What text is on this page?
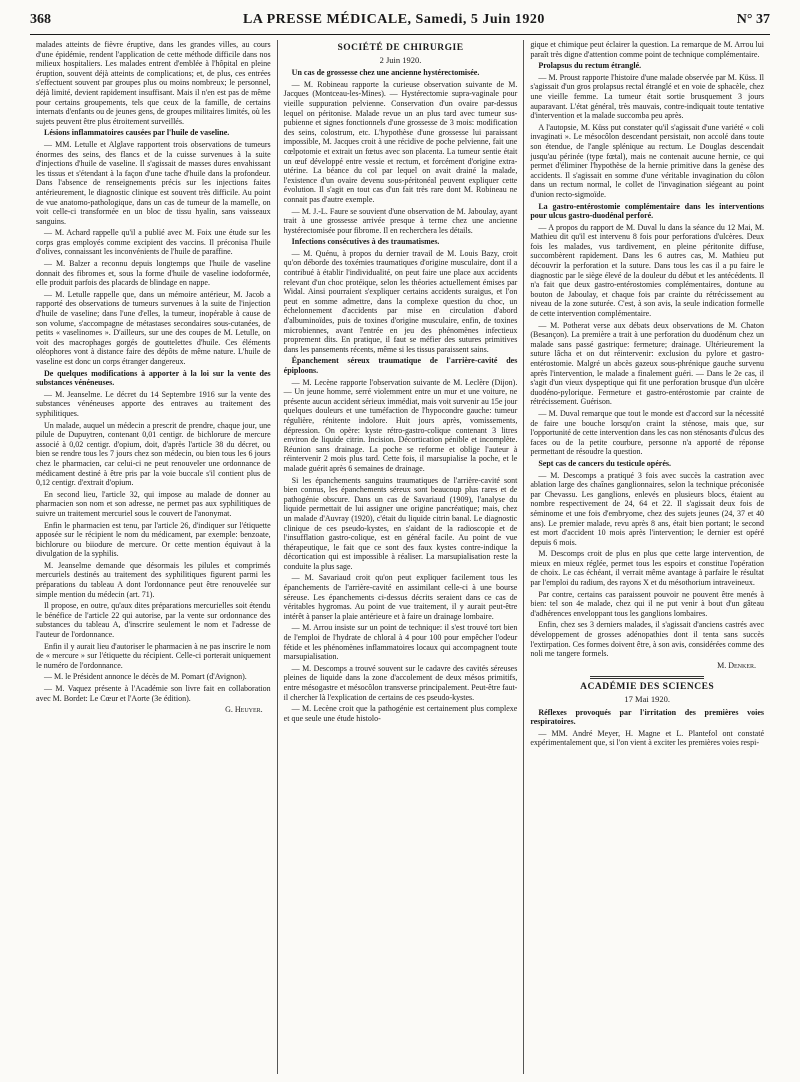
368	LA PRESSE MÉDICALE, Samedi, 5 Juin 1920	N° 37

malades atteints de fièvre éruptive, dans les grandes villes, au cours d'une épidémie, rendent l'application de cette méthode difficile dans nos milieux hospitaliers. Les malades entrent d'emblée à l'hôpital en pleine éruption, souvent déjà atteints de complications; et, de plus, ces entrées s'effectuent souvent par groupes plus ou moins nombreux; le personnel, déjà limité, devient rapidement insuffisant. Mais il n'en est pas de même pour certains groupements, tels que ceux de la famille, de certains internats d'enfants ou de jeunes gens, de groupes militaires limités, où les sujets peuvent être plus étroitement surveillés.

Lésions inflammatoires causées par l'huile de vaseline.

— MM. Letulle et Alglave rapportent trois observations de tumeurs énormes des seins, des flancs et de la cuisse survenues à la suite d'injections d'huile de vaseline. Il s'agissait de masses dures envahissant les tissus et s'étendant à la façon d'une tache d'huile dans la profondeur. Dans l'absence de renseignements précis sur les injections faites antérieurement, le diagnostic clinique est souvent très difficile. Au point de vue anatomo-pathologique, dans un cas de tumeur de la mamelle, on voit celle-ci transformée en un bloc de tissu hyalin, sans vaisseaux sanguins.

— M. Achard rappelle qu'il a publié avec M. Foix une étude sur les corps gras employés comme excipient des vaccins. Il préconisa l'huile d'olives, connaissant les inconvénients de l'huile de paraffine.

— M. Balzer a reconnu depuis longtemps que l'huile de vaseline donnait des fibromes et, sous la forme d'huile de vaseline iodoformée, elle produit parfois des placards de blindage en nappe.

— M. Letulle rappelle que, dans un mémoire antérieur, M. Jacob a rapporté des observations de tumeurs survenues à la suite de l'injection d'huile de vaseline; dans l'une d'elles, la tumeur, inopérable à cause de son volume, s'accompagne de métastases secondaires sous-cutanées, de petits « vaselinomes ». D'ailleurs, sur une des coupes de M. Letulle, on voit des macrophages gorgés de gouttelettes d'huile. Ces éléments oléophores vont à distance faire des dépôts de même nature. L'huile de vaseline est donc un corps étranger dangereux.

De quelques modifications à apporter à la loi sur la vente des substances vénéneuses.

— M. Jeanselme. Le décret du 14 Septembre 1916 sur la vente des substances vénéneuses apporte des entraves au traitement des syphilitiques.

Un malade, auquel un médecin a prescrit de prendre, chaque jour, une pilule de Dupuytren, contenant 0,01 centigr. de bichlorure de mercure associé à 0,02 centigr. d'opium, doit, d'après l'article 38 du décret, ou bien se rendre tous les 7 jours chez son médecin, ou bien tous les 6 jours chez le pharmacien, car celui-ci ne peut renouveler une ordonnance de médicament destiné à être pris par la voie buccale s'il contient plus de 0,12 centigr. d'extrait d'opium.

En second lieu, l'article 32, qui impose au malade de donner au pharmacien son nom et son adresse, ne permet pas aux syphilitiques de suivre un traitement mercuriel sous le couvert de l'anonymat.

Enfin le pharmacien est tenu, par l'article 26, d'indiquer sur l'étiquette apposée sur le récipient le nom du médicament, par exemple: benzoate, bichlorure ou biiodure de mercure. Or cette mention équivaut à la divulgation de la syphilis.

M. Jeanselme demande que désormais les pilules et comprimés mercuriels destinés au traitement des syphilitiques figurent parmi les préparations du tableau A dont l'ordonnance peut être renouvelée sur simple mention du médecin (art. 71).

Il propose, en outre, qu'aux dites préparations mercurielles soit étendu le bénéfice de l'article 22 qui autorise, par la vente sur ordonnance des substances du tableau A, d'inscrire seulement le nom et l'adresse de l'auteur de l'ordonnance.

Enfin il y aurait lieu d'autoriser le pharmacien à ne pas inscrire le nom de « mercure » sur l'étiquette du récipient. Celle-ci porterait uniquement le numéro de l'ordonnance.

— M. le Président annonce le décès de M. Pomart (d'Avignon).

— M. Vaquez présente à l'Académie son livre fait en collaboration avec M. Bordet: Le Cœur et l'Aorte (3e édition).

G. Heuyer.
SOCIÉTÉ DE CHIRURGIE
2 Juin 1920.

Un cas de grossesse chez une ancienne hystérectomisée.

— M. Robineau rapporte la curieuse observation suivante de M. Jacques (Montceau-les-Mines). — Hystérectomie supra-vaginale pour vieille suppuration pelvienne. Conservation d'un ovaire par-dessus lequel on péritonise. Malade revue un an plus tard avec tumeur sus-pubienne et signes fonctionnels d'une grossesse de 3 mois: modification des seins, colostrum, etc. L'hypothèse d'une grossesse lui paraissant impossible, M. Jacques croit à une récidive de poche pelvienne, fait une cœlpotomie et extrait un fœtus avec son placenta. La tumeur sentie était un œuf développé entre vessie et rectum, et forcément d'origine extra-utérine. La béance du col par lequel on avait drainé la malade, l'existence d'un ovaire devenu sous-péritonéal peuvent expliquer cette évolution. Il s'agit en tout cas d'un fait très rare dont M. Robineau ne connait pas d'autre exemple.

— M. J.-L. Faure se souvient d'une observation de M. Jaboulay, ayant trait à une grossesse arrivée presque à terme chez une ancienne hystérectomisée pour fibrome. Il en recherchera les détails.

Infections consécutives à des traumatismes.

— M. Quénu, à propos du dernier travail de M. Louis Bazy, croit qu'on déborde des toxémies traumatiques d'origine musculaire, dont il a contribué à établir l'individualité, on peut faire une place aux accidents relevant d'un choc protéique, selon les théories actuellement émises par Widal. Ainsi pourraient s'expliquer certains accidents suraigus, et l'on peut en somme admettre, dans la complexe question du choc, un échelonnement d'accidents par mise en circulation d'abord d'albuminoïdes, puis de toxines d'origine musculaire, enfin, de toxines microbiennes, avant l'entrée en jeu des phénomènes infectieux proprement dits. En pratique, il faut se méfier des sutures primitives dans les pansements récents, même si les tissus paraissent sains.

Épanchement séreux traumatique de l'arrière-cavité des épiploons.

— M. Lecène rapporte l'observation suivante de M. Leclère (Dijon). — Un jeune homme, serré violemment entre un mur et une voiture, ne présente aucun accident sérieux immédiat, mais voit survenir au 15e jour quelques douleurs et une tuméfaction de l'hypocondre gauche: tumeur régulière, rénitente indolore. Huit jours après, vomissements, dépression. On opère: kyste rétro-gastro-colique contenant 3 litres environ de liquide citrin. Incision. Décortication pénible et incomplète. Réunion sans drainage. La poche se reforme et oblige l'auteur à réintervenir 2 mois plus tard. Cette fois, il marsupialise la poche, et le malade guérit après 6 semaines de drainage.

Si les épanchements sanguins traumatiques de l'arrière-cavité sont bien connus, les épanchements séreux sont beaucoup plus rares et de pathogénie obscure. Dans un cas de Savariaud (1909), l'analyse du liquide permettait de lui assigner une origine pancréatique; mais, chez un malade d'Auvray (1920), c'était du liquide citrin banal. Le diagnostic clinique de ces pseudo-kystes, en s'aidant de la radioscopie et de l'insufflation gastro-colique, est en général facile. Au point de vue thérapeutique, le fait que ce sont des faux kystes contre-indique la décortication qui est impossible à réaliser. La marsupialisation reste la conduite la plus sage.

— M. Savariaud croit qu'on peut expliquer facilement tous les épanchements de l'arrière-cavité en assimilant celle-ci à une bourse séreuse. Les épanchements ci-dessus décrits seraient dans ce cas de véritables hygromas. Au point de vue traitement, il y aurait peut-être intérêt à panser la plaie antérieure et à faire un drainage lombaire.

— M. Arrou insiste sur un point de technique: il s'est trouvé tort bien de l'emploi de l'hydrate de chloral à 4 pour 100 pour empêcher l'odeur fétide et les phénomènes inflammatoires locaux qui accompagnent toute marsupialisation.

— M. Descomps a trouvé souvent sur le cadavre des cavités séreuses pleines de liquide dans la zone d'accolement de deux mésos primitifs, entre mésogastre et mésocôlon transverse principalement. Peut-être faut-il chercher là l'explication de certains de ces pseudo-kystes.

— M. Lecène croit que la pathogénie est certainement plus complexe et que seule une étude histolo-

gique et chimique peut éclairer la question. La remarque de M. Arrou lui paraît très digne d'attention comme point de technique complémentaire.

Prolapsus du rectum étranglé.

— M. Proust rapporte l'histoire d'une malade observée par M. Küss. Il s'agissait d'un gros prolapsus rectal étranglé et en voie de sphacèle, chez une vieille femme. La tumeur était sortie brusquement 3 jours auparavant. L'état général, très mauvais, contre-indiquait toute tentative d'intervention et la malade succomba peu après.

A l'autopsie, M. Küss put constater qu'il s'agissait d'une variété « coli invaginati ». Le mésocôlon descendant persistait, non accolé dans toute son étendue, de l'angle splénique au rectum. Le Douglas descendait jusqu'au périnée (type fœtal), mais ne contenait aucune hernie, ce qui permet d'éliminer l'hypothèse de la hernie primitive dans la genèse des accidents. Il s'agissait en somme d'une véritable invagination du côlon dans un rectum normal, le collet de l'invagination siégeant au point d'union recto-sigmoïde.

La gastro-entérostomie complémentaire dans les interventions pour ulcus gastro-duodénal perforé.

— A propos du rapport de M. Duval lu dans la séance du 12 Mai, M. Mathieu dit qu'il est intervenu 8 fois pour perforations d'ulcères. Deux fois les malades, vus tardivement, en pleine péritonite diffuse, succombèrent rapidement. Dans les 6 autres cas, M. Mathieu put découvrir la perforation et la suture. Dans tous les cas il a pu faire le diagnostic par le siège élevé de la douleur du début et les antécédents. Il n'a fait que deux gastro-entérostomies complémentaires, dontune au bouton de Jaboulay, et chaque fois par crainte du rétrécissement au niveau de la zone suturée. C'est, à son avis, la seule indication formelle de cette intervention complémentaire.

— M. Potherat verse aux débats deux observations de M. Chaton (Besançon). La première a trait à une perforation du duodénum chez un malade sans passé gastrique: fermeture; drainage. Ultérieurement la suture lâcha et on dut réintervenir: exclusion du pylore et gastro-entérostomie. Malgré un abcès gazeux sous-phrénique gauche survenu après l'intervention, le malade a finalement guéri. — Dans le 2e cas, il s'agit d'un vieux dyspeptique qui fit une perforation brusque d'un ulcère duodéno-pylorique. Fermeture et gastro-entérostomie par crainte de rétrécissement. Guérison.

— M. Duval remarque que tout le monde est d'accord sur la nécessité de faire une bouche lorsqu'on craint la sténose, mais que, sur l'opportunité de cette intervention dans les cas non sténosants d'ulcus des faces ou de la petite courbure, personne n'a apporté de réponse permettant de résoudre la question.

Sept cas de cancers du testicule opérés.

— M. Descomps a pratiqué 3 fois avec succès la castration avec ablation large des chaînes ganglionnaires, selon la technique préconisée par Chevassu. Les ganglions, enlevés en plusieurs blocs, étaient au nombre respectivement de 24, 64 et 22. Il s'agissait deux fois de séminome et une fois d'embryome, chez des sujets jeunes (24, 37 et 40 ans). Le premier malade, revu après 8 ans, était bien portant; le second est mort d'accident 10 mois après l'intervention; le dernier est opéré depuis 6 mois.

M. Descomps croit de plus en plus que cette large intervention, de mieux en mieux réglée, permet tous les espoirs et constitue l'opération de choix. Le cas échéant, il verrait même avantage à parfaire le résultat par l'emploi du radium, des rayons X et du mésothorium intraveineux.

Par contre, certains cas paraissent pouvoir ne pouvent être menés à bien: tel son 4e malade, chez qui il ne put venir à bout d'un gâteau d'adhérences enveloppant tous les ganglions lombaires.

Enfin, chez ses 3 derniers malades, il s'agissait d'anciens castrés avec développement de grosses adénopathies dont il tenta sans succès l'extirpation. Ces formes doivent être, à son avis, considérées comme des noli me tangere formels.

M. Denker.
ACADÉMIE DES SCIENCES
17 Mai 1920.

Réflexes provoqués par l'irritation des premières voies respiratoires.

— MM. André Meyer, H. Magne et L. Plantefol ont constaté expérimentalement que, si l'on vient à exciter les premières voies respi-
